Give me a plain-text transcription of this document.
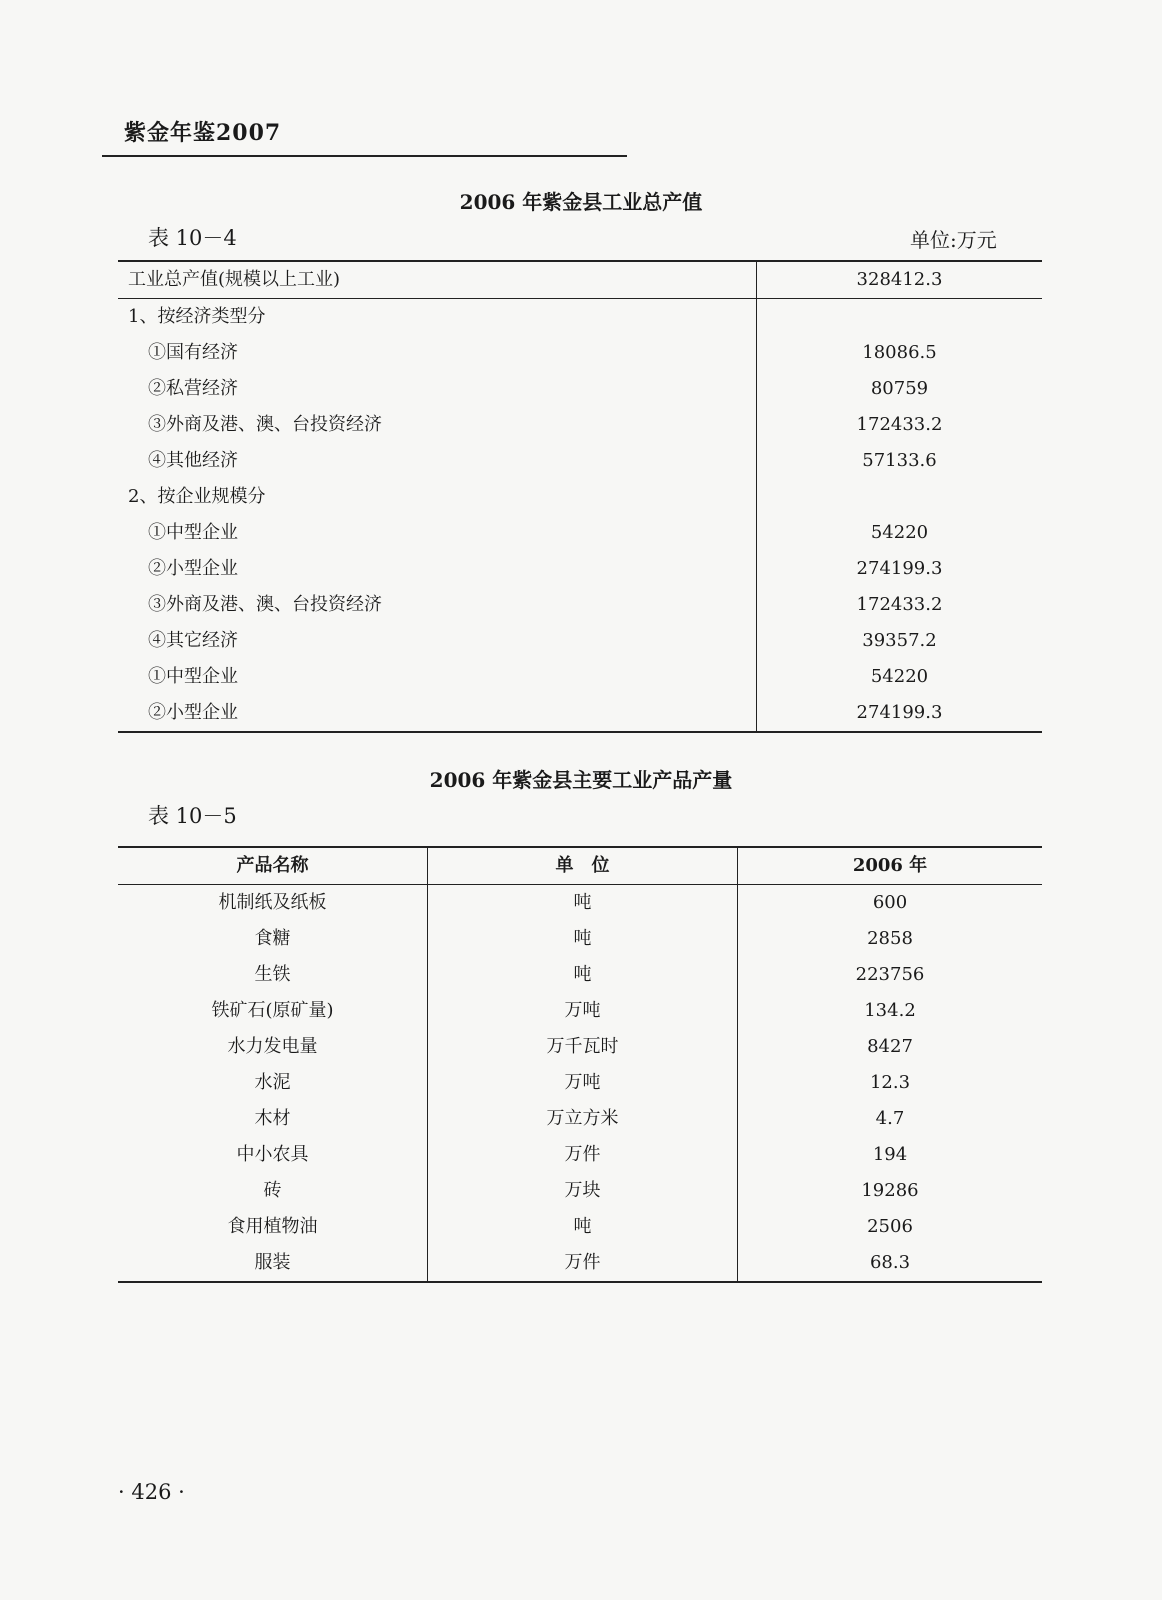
紫金年鉴2007
2006 年紫金县工业总产值
表 10－4	单位:万元
工业总产值(规模以上工业)	328412.3
1、按经济类型分	
①国有经济	18086.5
②私营经济	80759
③外商及港、澳、台投资经济	172433.2
④其他经济	57133.6
2、按企业规模分	
①中型企业	54220
②小型企业	274199.3
③外商及港、澳、台投资经济	172433.2
④其它经济	39357.2
①中型企业	54220
②小型企业	274199.3
2006 年紫金县主要工业产品产量
表 10－5
产品名称	单　位	2006 年
机制纸及纸板	吨	600
食糖	吨	2858
生铁	吨	223756
铁矿石(原矿量)	万吨	134.2
水力发电量	万千瓦时	8427
水泥	万吨	12.3
木材	万立方米	4.7
中小农具	万件	194
砖	万块	19286
食用植物油	吨	2506
服装	万件	68.3
· 426 ·
